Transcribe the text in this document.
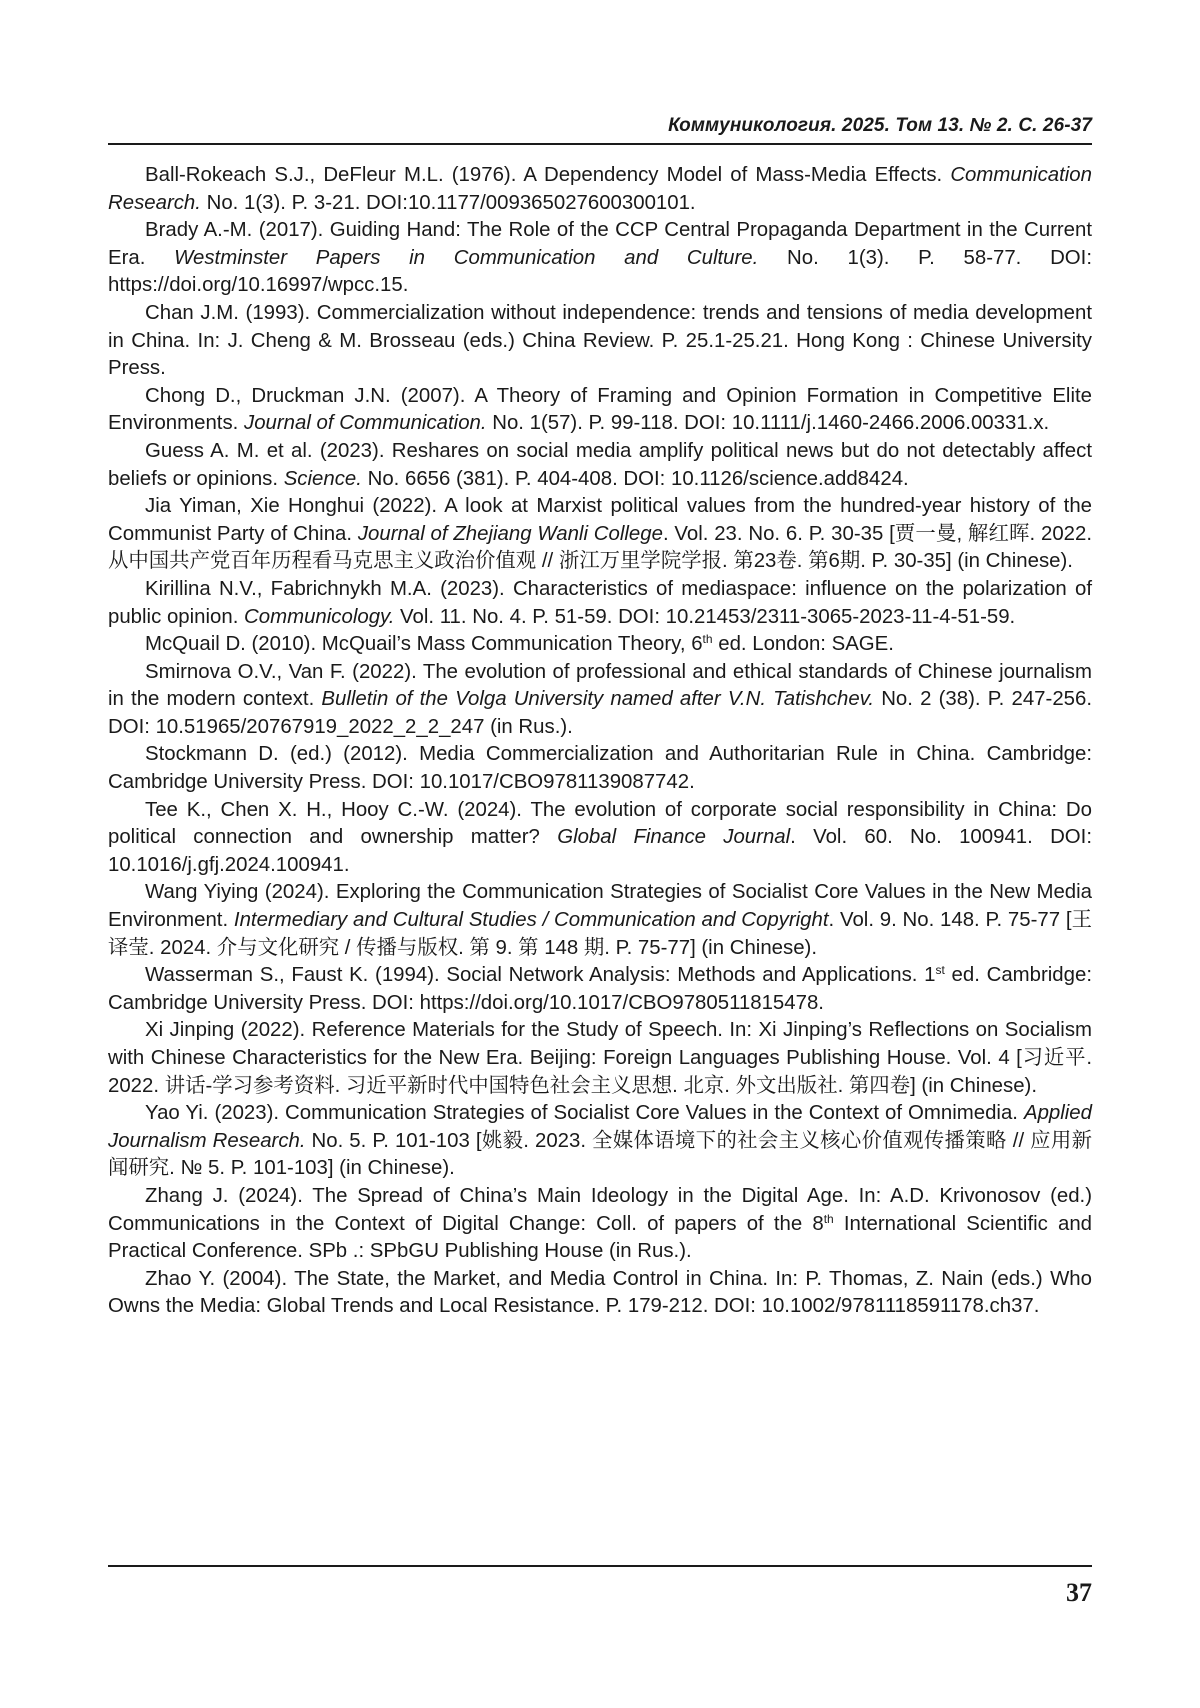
Коммуникология. 2025. Том 13. № 2. С. 26-37

Ball-Rokeach S.J., DeFleur M.L. (1976). A Dependency Model of Mass-Media Effects. Communication Research. No. 1(3). P. 3-21. DOI:10.1177/009365027600300101.

Brady A.-M. (2017). Guiding Hand: The Role of the CCP Central Propaganda Department in the Current Era. Westminster Papers in Communication and Culture. No. 1(3). P. 58-77. DOI: https://doi.org/10.16997/wpcc.15.

Chan J.M. (1993). Commercialization without independence: trends and tensions of media development in China. In: J. Cheng & M. Brosseau (eds.) China Review. P. 25.1-25.21. Hong Kong : Chinese University Press.

Chong D., Druckman J.N. (2007). A Theory of Framing and Opinion Formation in Competitive Elite Environments. Journal of Communication. No. 1(57). P. 99-118. DOI: 10.1111/j.1460-2466.2006.00331.x.

Guess A. M. et al. (2023). Reshares on social media amplify political news but do not detectably affect beliefs or opinions. Science. No. 6656 (381). P. 404-408. DOI: 10.1126/science.add8424.

Jia Yiman, Xie Honghui (2022). A look at Marxist political values from the hundred-year history of the Communist Party of China. Journal of Zhejiang Wanli College. Vol. 23. No. 6. P. 30-35 [贾一曼, 解红晖. 2022. 从中国共产党百年历程看马克思主义政治价值观 // 浙江万里学院学报. 第23卷. 第6期. P. 30-35] (in Chinese).

Kirillina N.V., Fabrichnykh M.A. (2023). Characteristics of mediaspace: influence on the polarization of public opinion. Communicology. Vol. 11. No. 4. P. 51-59. DOI: 10.21453/2311-3065-2023-11-4-51-59.

McQuail D. (2010). McQuail’s Mass Communication Theory, 6th ed. London: SAGE.

Smirnova O.V., Van F. (2022). The evolution of professional and ethical standards of Chinese journalism in the modern context. Bulletin of the Volga University named after V.N. Tatishchev. No. 2 (38). P. 247-256. DOI: 10.51965/20767919_2022_2_2_247 (in Rus.).

Stockmann D. (ed.) (2012). Media Commercialization and Authoritarian Rule in China. Cambridge: Cambridge University Press. DOI: 10.1017/CBO9781139087742.

Tee K., Chen X. H., Hooy C.-W. (2024). The evolution of corporate social responsibility in China: Do political connection and ownership matter? Global Finance Journal. Vol. 60. No. 100941. DOI: 10.1016/j.gfj.2024.100941.

Wang Yiying (2024). Exploring the Communication Strategies of Socialist Core Values in the New Media Environment. Intermediary and Cultural Studies / Communication and Copyright. Vol. 9. No. 148. P. 75-77 [王译莹. 2024. 介与文化研究 / 传播与版权. 第 9. 第 148 期. P. 75-77] (in Chinese).

Wasserman S., Faust K. (1994). Social Network Analysis: Methods and Applications. 1st ed. Cambridge: Cambridge University Press. DOI: https://doi.org/10.1017/CBO9780511815478.

Xi Jinping (2022). Reference Materials for the Study of Speech. In: Xi Jinping’s Reflections on Socialism with Chinese Characteristics for the New Era. Beijing: Foreign Languages Publishing House. Vol. 4 [习近平. 2022. 讲话-学习参考资料. 习近平新时代中国特色社会主义思想. 北京. 外文出版社. 第四卷] (in Chinese).

Yao Yi. (2023). Communication Strategies of Socialist Core Values in the Context of Omnimedia. Applied Journalism Research. No. 5. P. 101-103 [姚毅. 2023. 全媒体语境下的社会主义核心价值观传播策略 // 应用新闻研究. № 5. P. 101-103] (in Chinese).

Zhang J. (2024). The Spread of China’s Main Ideology in the Digital Age. In: A.D. Krivonosov (ed.) Communications in the Context of Digital Change: Coll. of papers of the 8th International Scientific and Practical Conference. SPb .: SPbGU Publishing House (in Rus.).

Zhao Y. (2004). The State, the Market, and Media Control in China. In: P. Thomas, Z. Nain (eds.) Who Owns the Media: Global Trends and Local Resistance. P. 179-212. DOI: 10.1002/9781118591178.ch37.

37
